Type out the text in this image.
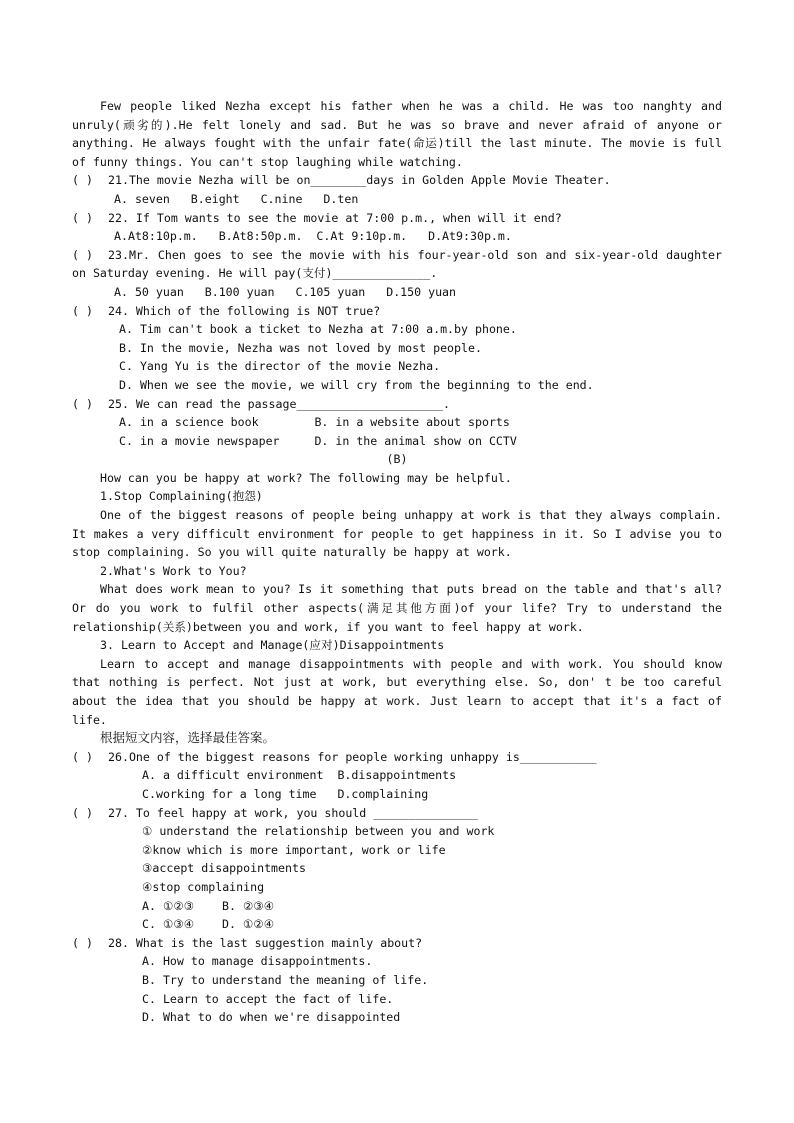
Few people liked Nezha except his father when he was a child. He was too nanghty and unruly(顽劣的).He felt lonely and sad. But he was so brave and never afraid of anyone or anything. He always fought with the unfair fate(命运)till the last minute. The movie is full of funny things. You can't stop laughing while watching.

( ) 21.The movie Nezha will be on________days in Golden Apple Movie Theater.

A. seven   B.eight   C.nine   D.ten

( ) 22. If Tom wants to see the movie at 7:00 p.m., when will it end?

A.At8:10p.m.   B.At8:50p.m.  C.At 9:10p.m.   D.At9:30p.m.

( ) 23.Mr. Chen goes to see the movie with his four-year-old son and six-year-old daughter on Saturday evening. He will pay(支付)______________.

A. 50 yuan   B.100 yuan   C.105 yuan   D.150 yuan

( ) 24. Which of the following is NOT true?

A. Tim can't book a ticket to Nezha at 7:00 a.m.by phone.

B. In the movie, Nezha was not loved by most people.

C. Yang Yu is the director of the movie Nezha.

D. When we see the movie, we will cry from the beginning to the end.

( ) 25. We can read the passage_____________________.

A. in a science book        B. in a website about sports

C. in a movie newspaper     D. in the animal show on CCTV

(B)

How can you be happy at work? The following may be helpful.

1.Stop Complaining(抱怨)

One of the biggest reasons of people being unhappy at work is that they always complain. It makes a very difficult environment for people to get happiness in it. So I advise you to stop complaining. So you will quite naturally be happy at work.

2.What's Work to You?

What does work mean to you? Is it something that puts bread on the table and that's all? Or do you work to fulfil other aspects(满足其他方面)of your life? Try to understand the relationship(关系)between you and work, if you want to feel happy at work.

3. Learn to Accept and Manage(应对)Disappointments

Learn to accept and manage disappointments with people and with work. You should know that nothing is perfect. Not just at work, but everything else. So, don' t be too careful about the idea that you should be happy at work. Just learn to accept that it's a fact of life.

根据短文内容，选择最佳答案。

( ) 26.One of the biggest reasons for people working unhappy is___________

A. a difficult environment  B.disappointments

C.working for a long time   D.complaining

( ) 27. To feel happy at work, you should _______________

① understand the relationship between you and work

②know which is more important, work or life

③accept disappointments

④stop complaining

A. ①②③    B. ②③④

C. ①③④    D. ①②④

( ) 28. What is the last suggestion mainly about?

A. How to manage disappointments.

B. Try to understand the meaning of life.

C. Learn to accept the fact of life.

D. What to do when we're disappointed
